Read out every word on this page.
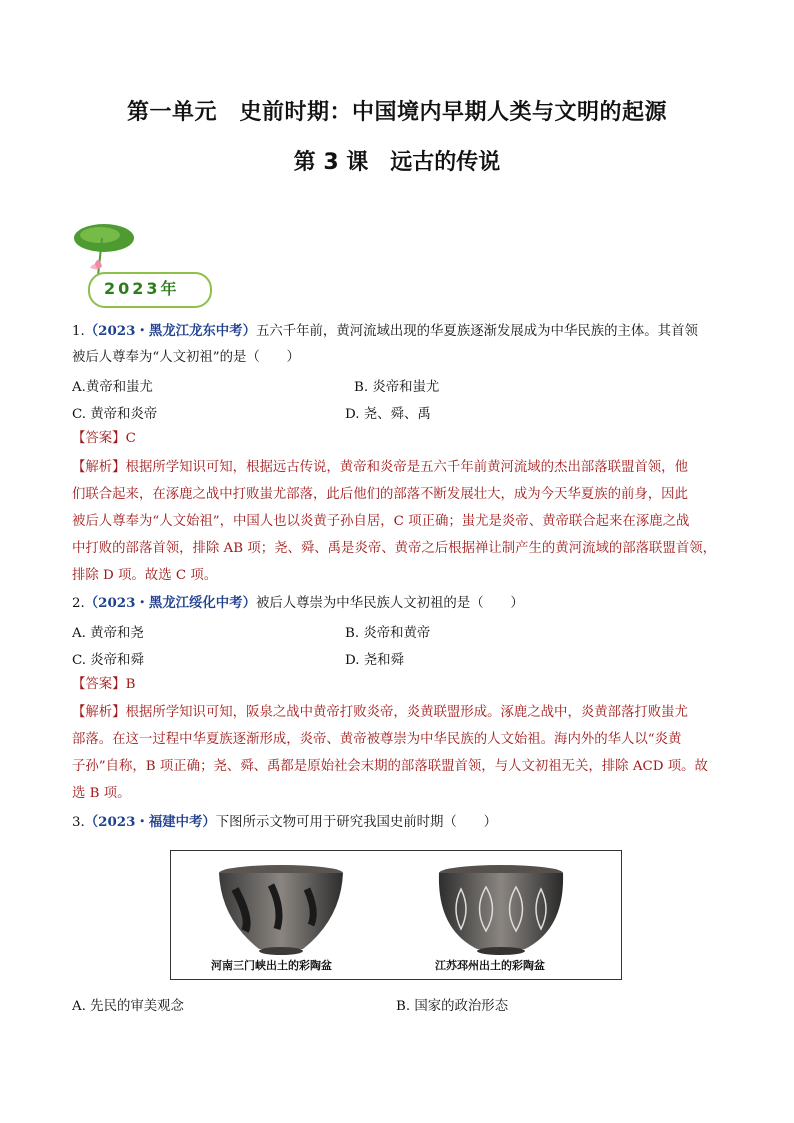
第一单元　史前时期：中国境内早期人类与文明的起源
第 3 课　远古的传说
2023年
1.（2023・黑龙江龙东中考）五六千年前，黄河流域出现的华夏族逐渐发展成为中华民族的主体。其首领
被后人尊奉为“人文初祖”的是（　　）
A.黄帝和蚩尤	B. 炎帝和蚩尤
C. 黄帝和炎帝	D. 尧、舜、禹
【答案】C
【解析】根据所学知识可知，根据远古传说，黄帝和炎帝是五六千年前黄河流域的杰出部落联盟首领，他
们联合起来，在涿鹿之战中打败蚩尤部落，此后他们的部落不断发展壮大，成为今天华夏族的前身，因此
被后人尊奉为“人文始祖”，中国人也以炎黄子孙自居，C 项正确；蚩尤是炎帝、黄帝联合起来在涿鹿之战
中打败的部落首领，排除 AB 项；尧、舜、禹是炎帝、黄帝之后根据禅让制产生的黄河流域的部落联盟首领，
排除 D 项。故选 C 项。
2.（2023・黑龙江绥化中考）被后人尊崇为中华民族人文初祖的是（　　）
A. 黄帝和尧	B. 炎帝和黄帝
C. 炎帝和舜	D. 尧和舜
【答案】B
【解析】根据所学知识可知，阪泉之战中黄帝打败炎帝，炎黄联盟形成。涿鹿之战中，炎黄部落打败蚩尤
部落。在这一过程中华夏族逐渐形成，炎帝、黄帝被尊崇为中华民族的人文始祖。海内外的华人以“炎黄
子孙”自称，B 项正确；尧、舜、禹都是原始社会末期的部落联盟首领，与人文初祖无关，排除 ACD 项。故
选 B 项。
3.（2023・福建中考）下图所示文物可用于研究我国史前时期（　　）
河南三门峡出土的彩陶盆	江苏邳州出土的彩陶盆
A. 先民的审美观念	B. 国家的政治形态
